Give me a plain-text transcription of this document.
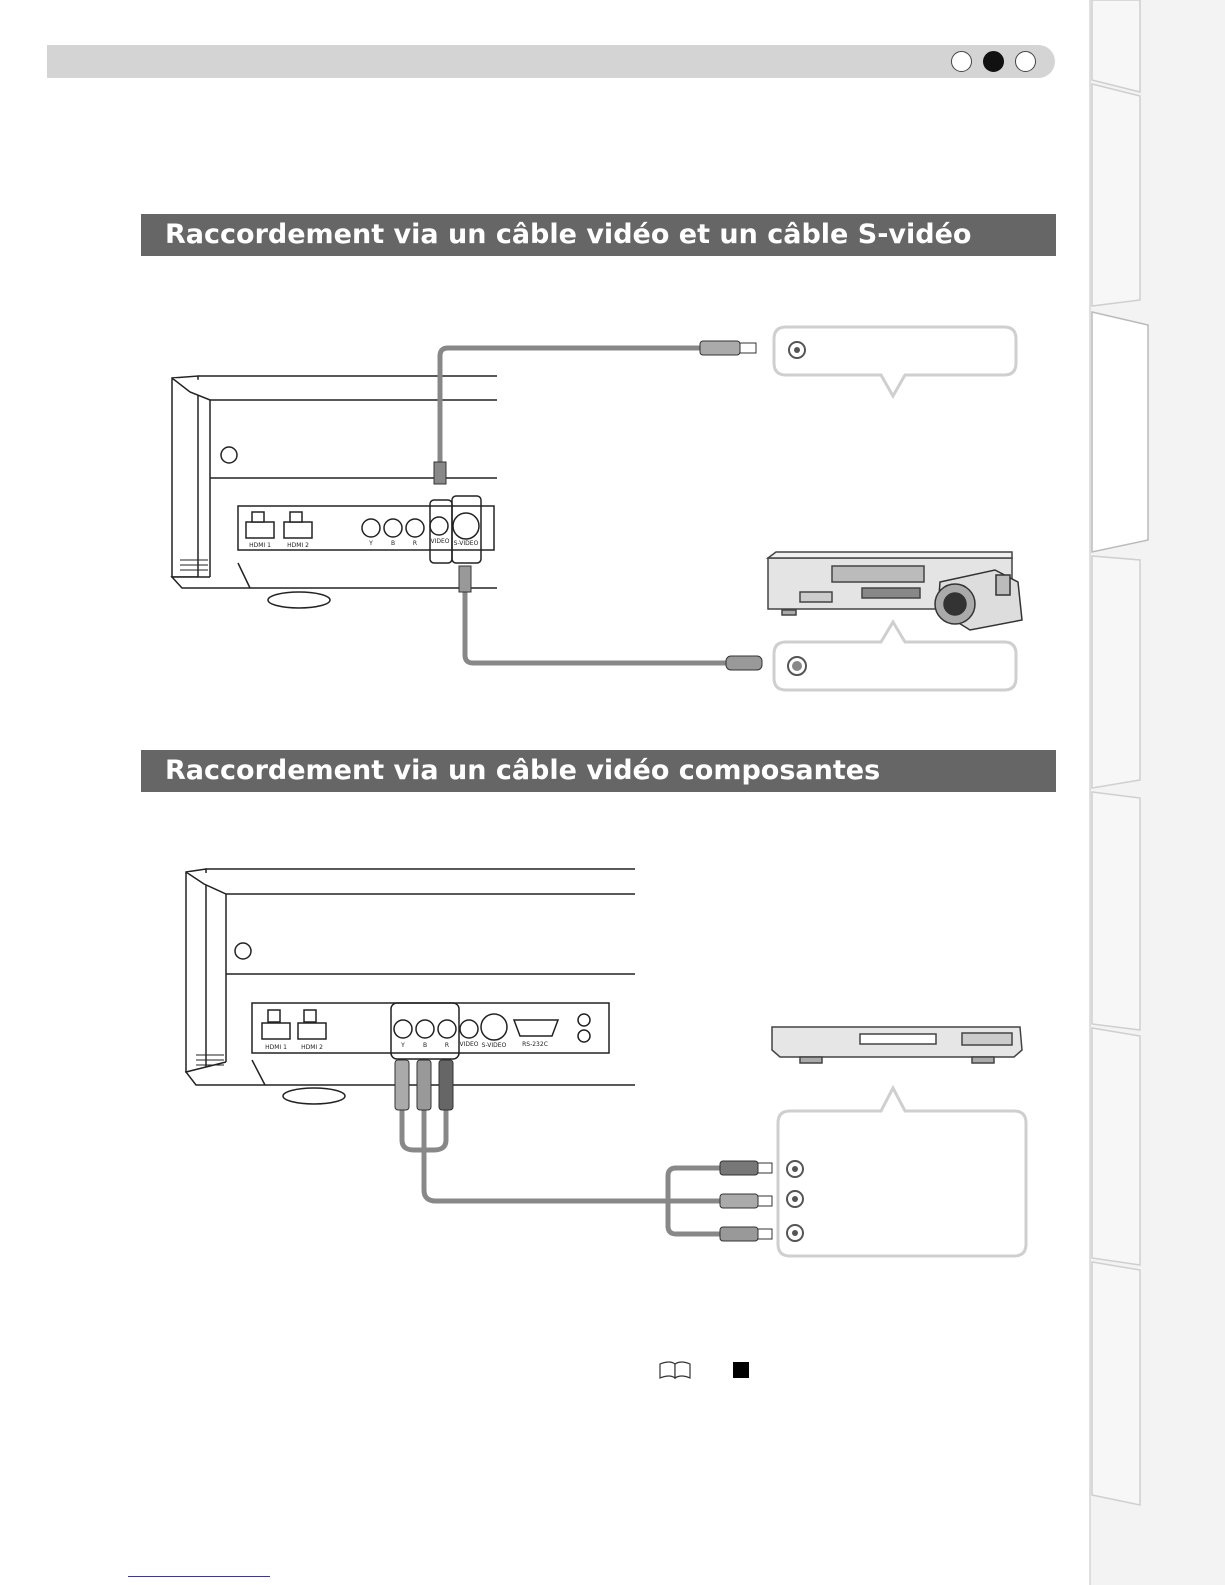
Raccordement via un câble vidéo et un câble S-vidéo
Raccordement via un câble vidéo composantes
HDMI 1	HDMI 2	Y	B	R VIDEO S-VIDEO
HDMI 1 HDMI 2	Y	B	R VIDEO S-VIDEO	RS-232C
